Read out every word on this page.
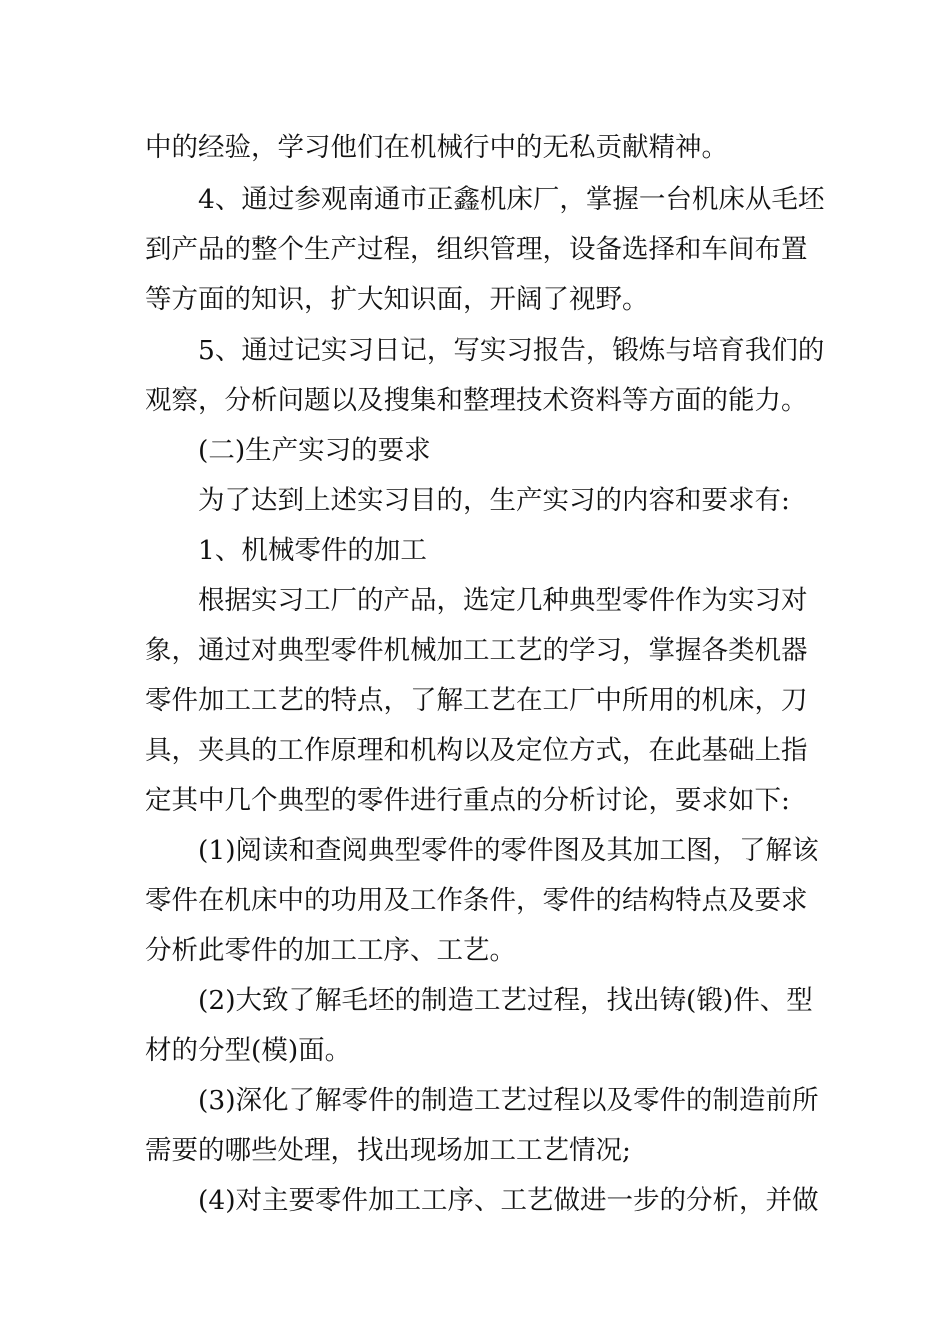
中的经验，学习他们在机械行中的无私贡献精神。
4、通过参观南通市正鑫机床厂，掌握一台机床从毛坯
到产品的整个生产过程，组织管理，设备选择和车间布置
等方面的知识，扩大知识面，开阔了视野。
5、通过记实习日记，写实习报告，锻炼与培育我们的
观察，分析问题以及搜集和整理技术资料等方面的能力。
(二)生产实习的要求
为了达到上述实习目的，生产实习的内容和要求有:
1、机械零件的加工
根据实习工厂的产品，选定几种典型零件作为实习对
象，通过对典型零件机械加工工艺的学习，掌握各类机器
零件加工工艺的特点，了解工艺在工厂中所用的机床，刀
具，夹具的工作原理和机构以及定位方式，在此基础上指
定其中几个典型的零件进行重点的分析讨论，要求如下:
(1)阅读和查阅典型零件的零件图及其加工图，了解该
零件在机床中的功用及工作条件，零件的结构特点及要求
分析此零件的加工工序、工艺。
(2)大致了解毛坯的制造工艺过程，找出铸(锻)件、型
材的分型(模)面。
(3)深化了解零件的制造工艺过程以及零件的制造前所
需要的哪些处理，找出现场加工工艺情况;
(4)对主要零件加工工序、工艺做进一步的分析，并做
